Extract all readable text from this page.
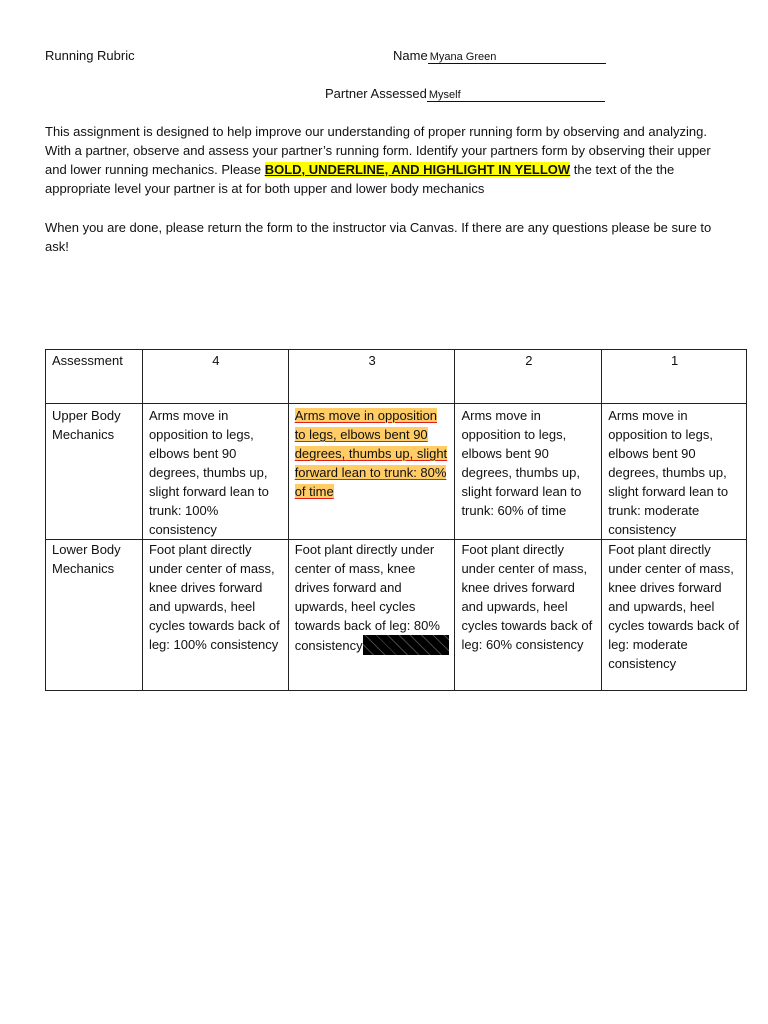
Running Rubric	Name Myana Green
Partner Assessed Myself
This assignment is designed to help improve our understanding of proper running form by observing and analyzing. With a partner, observe and assess your partner’s running form. Identify your partners form by observing their upper and lower running mechanics. Please BOLD, UNDERLINE, AND HIGHLIGHT IN YELLOW the text of the the appropriate level your partner is at for both upper and lower body mechanics
When you are done, please return the form to the instructor via Canvas. If there are any questions please be sure to ask!
Assessment	4	3	2	1
Upper Body Mechanics	Arms move in opposition to legs, elbows bent 90 degrees, thumbs up, slight forward lean to trunk: 100% consistency	Arms move in opposition to legs, elbows bent 90 degrees, thumbs up, slight forward lean to trunk: 80% of time	Arms move in opposition to legs, elbows bent 90 degrees, thumbs up, slight forward lean to trunk: 60% of time	Arms move in opposition to legs, elbows bent 90 degrees, thumbs up, slight forward lean to trunk: moderate consistency
Lower Body Mechanics	Foot plant directly under center of mass, knee drives forward and upwards, heel cycles towards back of leg: 100% consistency	Foot plant directly under center of mass, knee drives forward and upwards, heel cycles towards back of leg: 80% consistency	Foot plant directly under center of mass, knee drives forward and upwards, heel cycles towards back of leg: 60% consistency	Foot plant directly under center of mass, knee drives forward and upwards, heel cycles towards back of leg: moderate consistency
